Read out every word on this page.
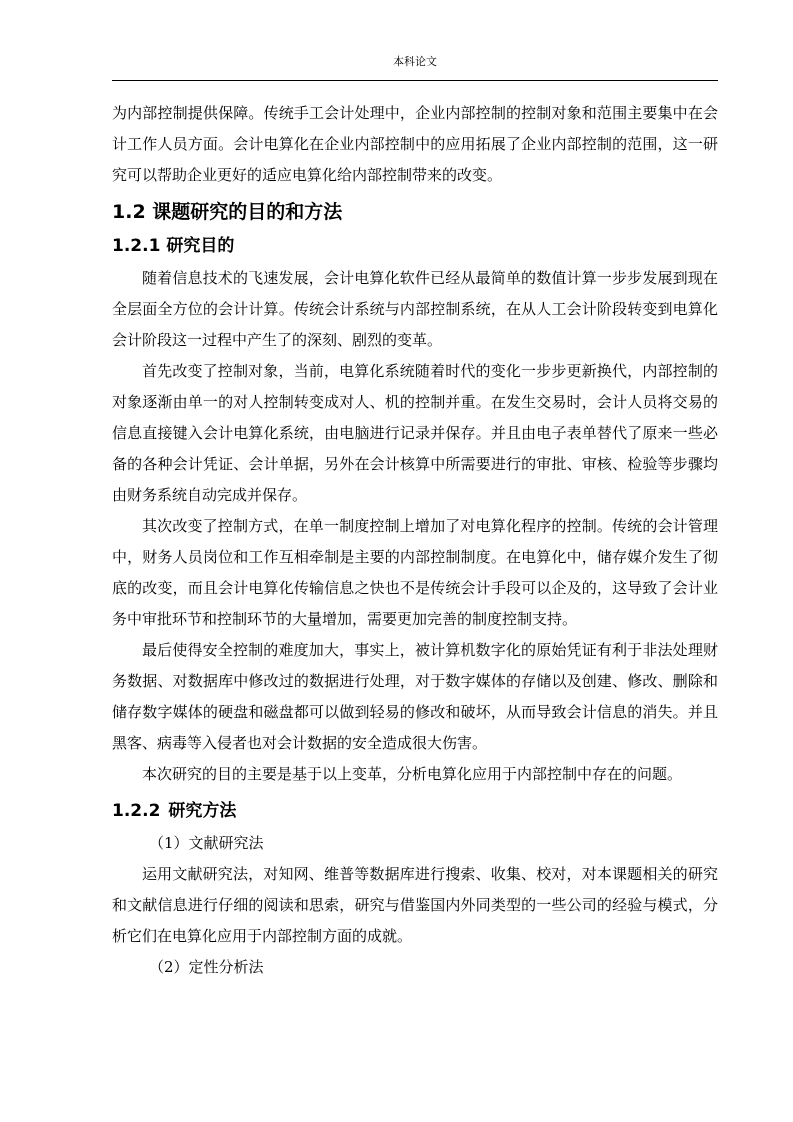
本科论文

为内部控制提供保障。传统手工会计处理中，企业内部控制的控制对象和范围主要集中在会计工作人员方面。会计电算化在企业内部控制中的应用拓展了企业内部控制的范围，这一研究可以帮助企业更好的适应电算化给内部控制带来的改变。

1.2 课题研究的目的和方法
1.2.1 研究目的

随着信息技术的飞速发展，会计电算化软件已经从最简单的数值计算一步步发展到现在全层面全方位的会计计算。传统会计系统与内部控制系统，在从人工会计阶段转变到电算化会计阶段这一过程中产生了的深刻、剧烈的变革。

首先改变了控制对象，当前，电算化系统随着时代的变化一步步更新换代，内部控制的对象逐渐由单一的对人控制转变成对人、机的控制并重。在发生交易时，会计人员将交易的信息直接键入会计电算化系统，由电脑进行记录并保存。并且由电子表单替代了原来一些必备的各种会计凭证、会计单据，另外在会计核算中所需要进行的审批、审核、检验等步骤均由财务系统自动完成并保存。

其次改变了控制方式，在单一制度控制上增加了对电算化程序的控制。传统的会计管理中，财务人员岗位和工作互相牵制是主要的内部控制制度。在电算化中，储存媒介发生了彻底的改变，而且会计电算化传输信息之快也不是传统会计手段可以企及的，这导致了会计业务中审批环节和控制环节的大量增加，需要更加完善的制度控制支持。

最后使得安全控制的难度加大，事实上，被计算机数字化的原始凭证有利于非法处理财务数据、对数据库中修改过的数据进行处理，对于数字媒体的存储以及创建、修改、删除和储存数字媒体的硬盘和磁盘都可以做到轻易的修改和破坏，从而导致会计信息的消失。并且黑客、病毒等入侵者也对会计数据的安全造成很大伤害。

本次研究的目的主要是基于以上变革，分析电算化应用于内部控制中存在的问题。

1.2.2 研究方法

（1）文献研究法

运用文献研究法，对知网、维普等数据库进行搜索、收集、校对，对本课题相关的研究和文献信息进行仔细的阅读和思索，研究与借鉴国内外同类型的一些公司的经验与模式，分析它们在电算化应用于内部控制方面的成就。

（2）定性分析法
